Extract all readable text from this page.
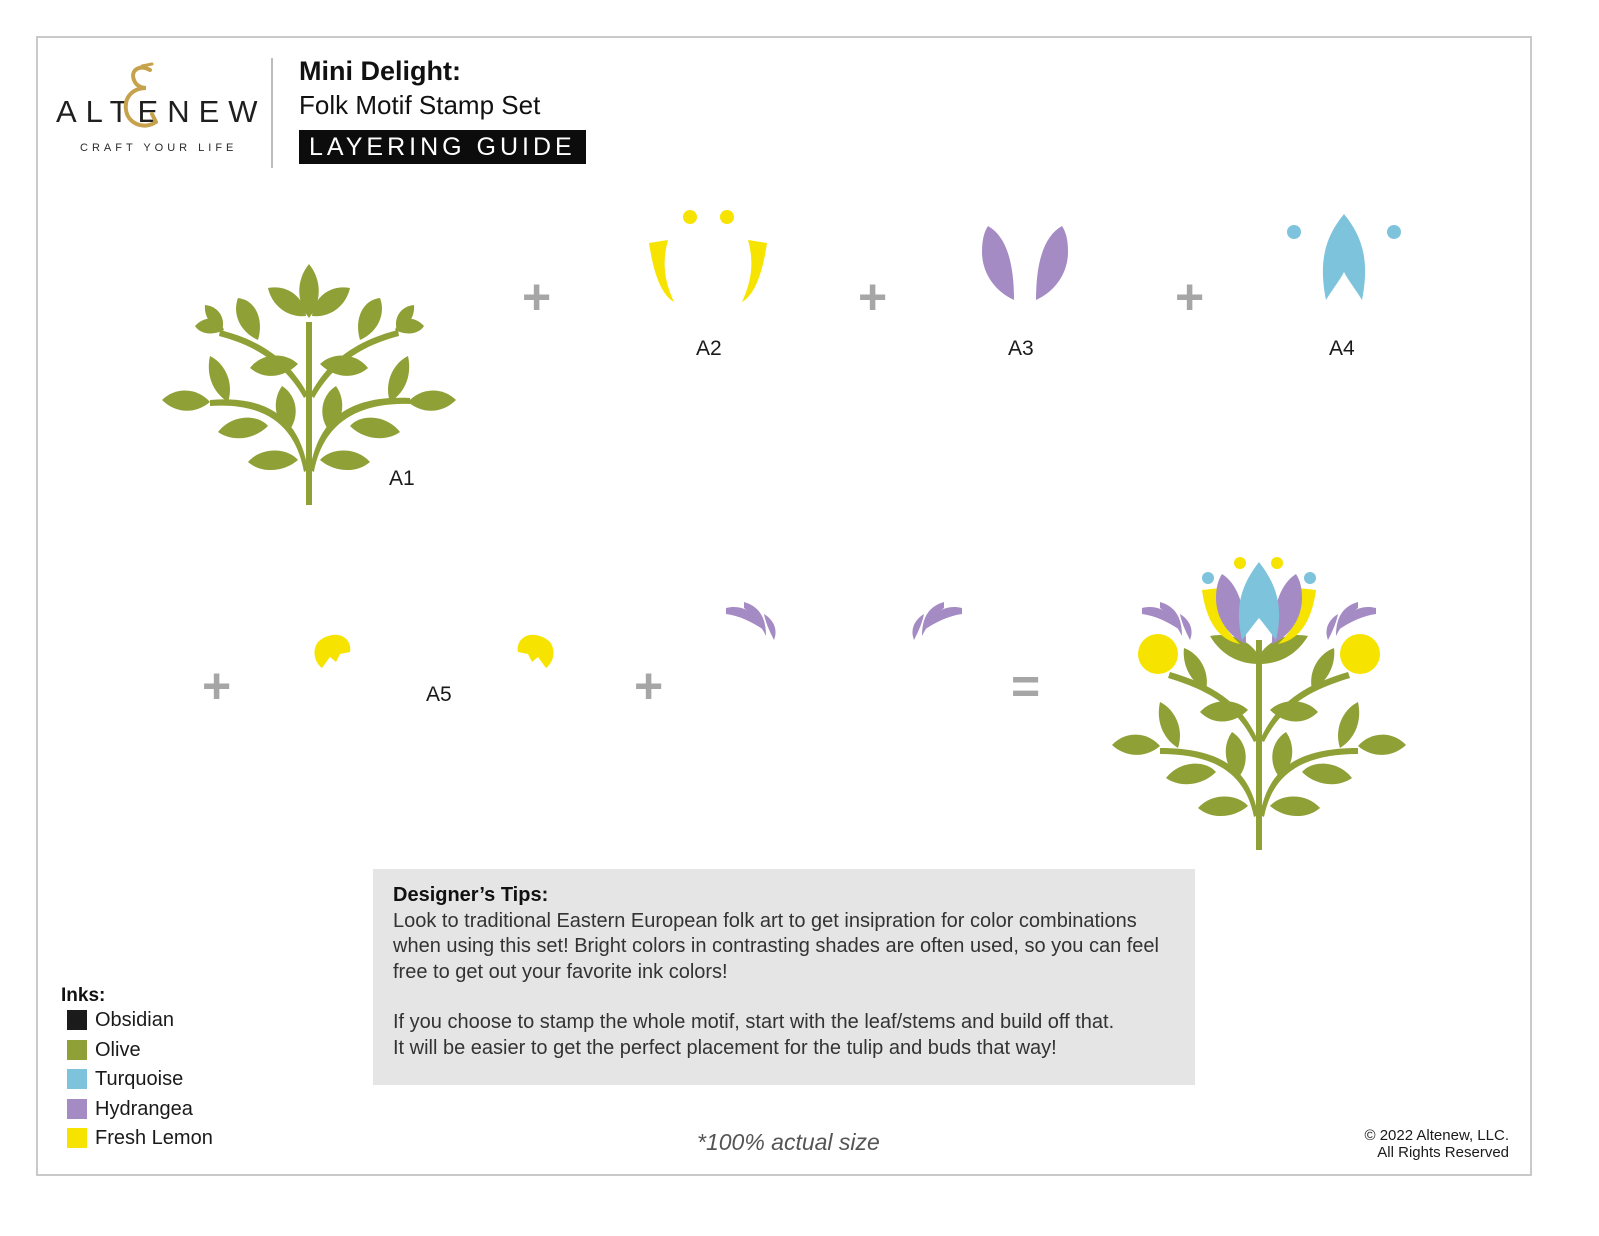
ALTENEW
CRAFT YOUR LIFE
Mini Delight:
Folk Motif Stamp Set
LAYERING GUIDE
A1
+
A2
+
A3
+
A4
+	A5	+	=

Designer’s Tips:

Look to traditional Eastern European folk art to get insipration for color combinations

when using this set! Bright colors in contrasting shades are often used, so you can feel

free to get out your favorite ink colors!

If you choose to stamp the whole motif, start with the leaf/stems and build off that.

It will be easier to get the perfect placement for the tulip and buds that way!

Inks:
Obsidian
Olive
Turquoise
Hydrangea
Fresh Lemon	*100% actual size	© 2022 Altenew, LLC.
All Rights Reserved
